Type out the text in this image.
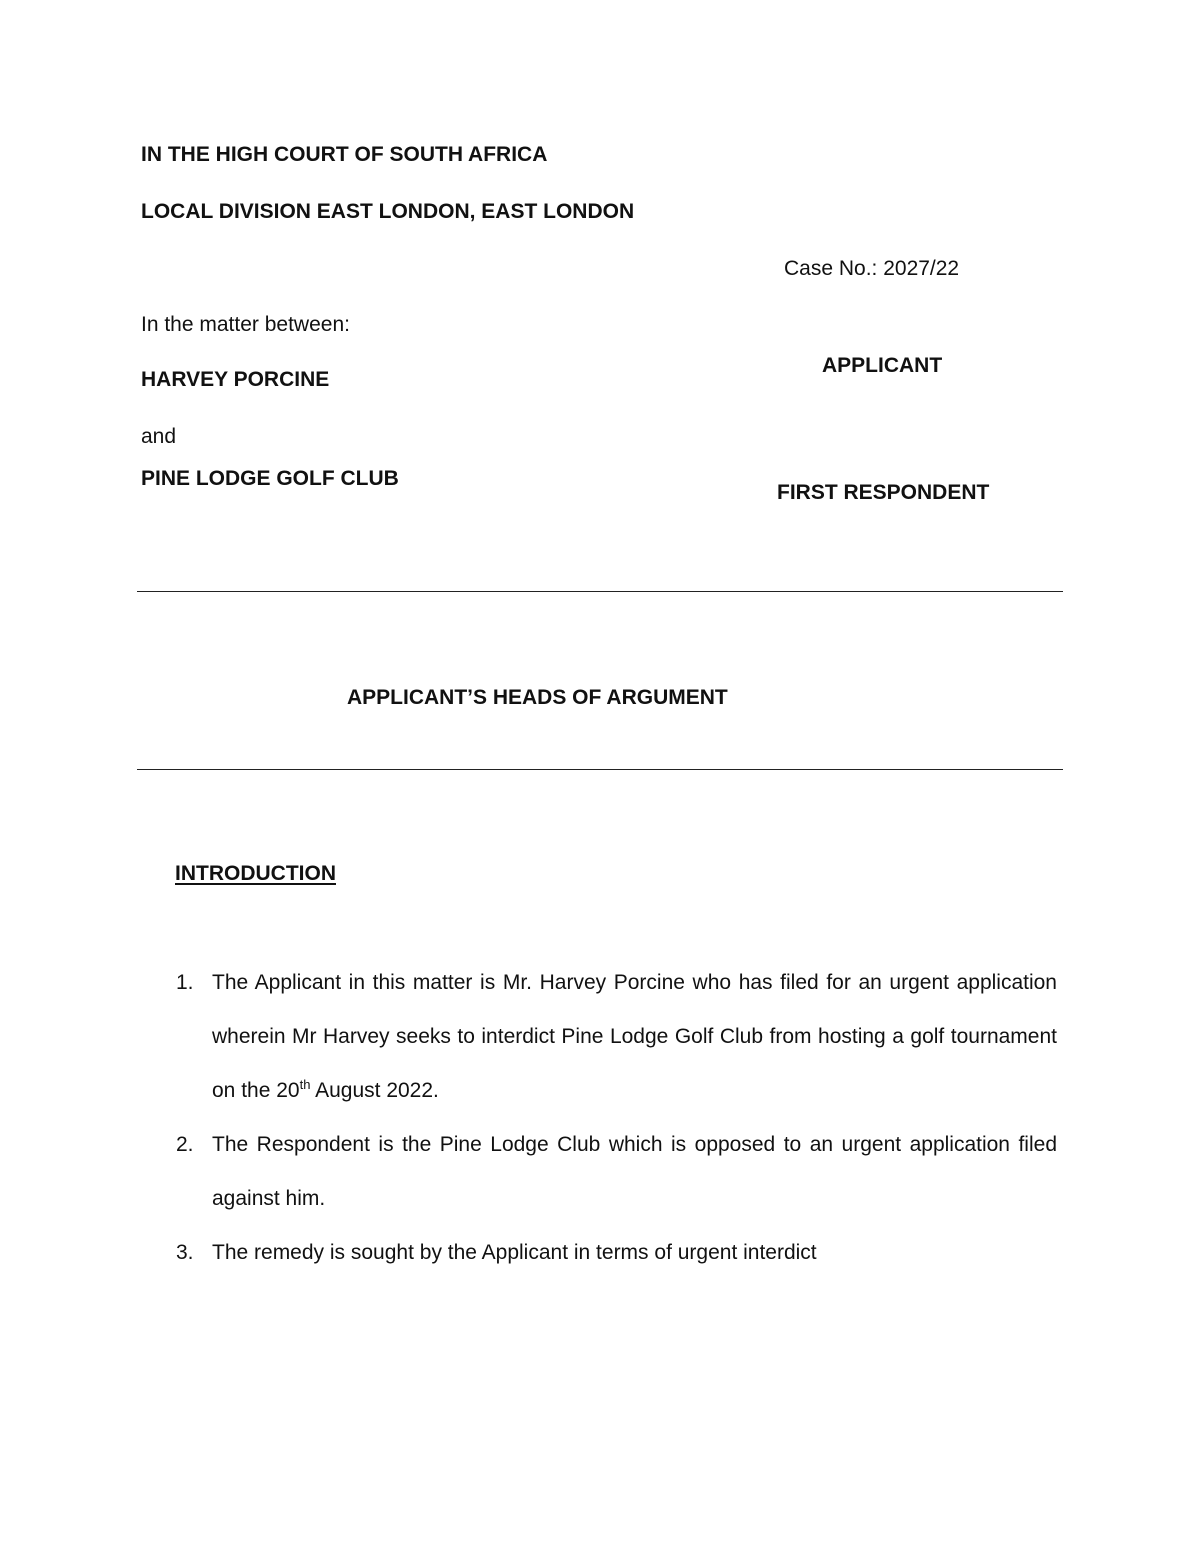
IN THE HIGH COURT OF SOUTH AFRICA
LOCAL DIVISION EAST LONDON, EAST LONDON
Case No.: 2027/22
In the matter between:
APPLICANT
HARVEY PORCINE
and
PINE LODGE GOLF CLUB
FIRST RESPONDENT
APPLICANT’S HEADS OF ARGUMENT
INTRODUCTION
1. The Applicant in this matter is Mr. Harvey Porcine who has filed for an urgent application wherein Mr Harvey seeks to interdict Pine Lodge Golf Club from hosting a golf tournament on the 20th August 2022.
2. The Respondent is the Pine Lodge Club which is opposed to an urgent application filed against him.
3. The remedy is sought by the Applicant in terms of urgent interdict
